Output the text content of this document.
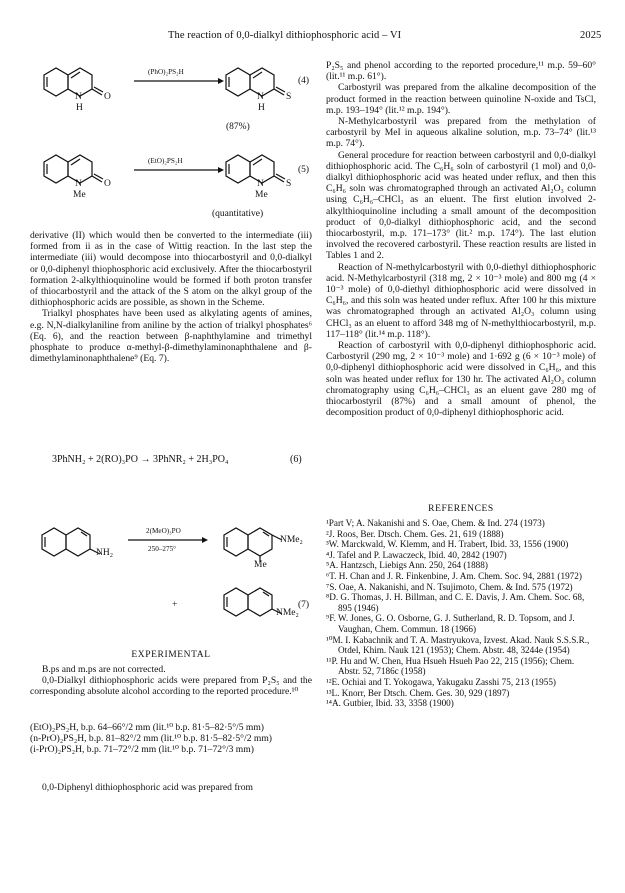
The reaction of 0,0-dialkyl dithiophosphoric acid – VI	2025
N
H
O
(PhO)₂PS₂H
N
H
S
(4)
(87%)
N
Me
O
(EtO)₂PS₂H
N
Me
S
(5)
(quantitative)

derivative (II) which would then be converted to the intermediate (iii) formed from ii as in the case of Wittig reaction. In the last step the intermediate (iii) would decompose into thiocarbostyril and 0,0-dialkyl or 0,0-diphenyl thiophosphoric acid exclusively. After the thiocarbostyril formation 2-alkylthioquinoline would be formed if both proton transfer of thiocarbostyril and the attack of the S atom on the alkyl group of the dithiophosphoric acids are possible, as shown in the Scheme.

Trialkyl phosphates have been used as alkylating agents of amines, e.g. N,N-dialkylaniline from aniline by the action of trialkyl phosphates⁶ (Eq. 6), and the reaction between β-naphthylamine and trimethyl phosphate to produce α-methyl-β-dimethylaminonaphthalene and β-dimethylaminonaphthalene⁹ (Eq. 7).

3PhNH₂ + 2(RO)₃PO → 3PhNR₂ + 2H₃PO₄	(6)
NH₂
2(MeO)₃PO
250–275°
NMe₂
Me
+
NMe₂
(7)
EXPERIMENTAL

B.ps and m.ps are not corrected.

0,0-Dialkyl dithiophosphoric acids were prepared from P₂S₅ and the corresponding absolute alcohol according to the reported procedure.¹⁰

(EtO)₂PS₂H, b.p. 64–66°/2 mm (lit.¹⁰ b.p. 81·5–82·5°/5 mm)

(n-PrO)₂PS₂H, b.p. 81–82°/2 mm (lit.¹⁰ b.p. 81·5–82·5°/2 mm)

(i-PrO)₂PS₂H, b.p. 71–72°/2 mm (lit.¹⁰ b.p. 71–72°/3 mm)

0,0-Diphenyl dithiophosphoric acid was prepared from

P₂S₅ and phenol according to the reported procedure,¹¹ m.p. 59–60° (lit.¹¹ m.p. 61°).

Carbostyril was prepared from the alkaline decomposition of the product formed in the reaction between quinoline N-oxide and TsCl, m.p. 193–194° (lit.¹² m.p. 194°).

N-Methylcarbostyril was prepared from the methylation of carbostyril by MeI in aqueous alkaline solution, m.p. 73–74° (lit.¹³ m.p. 74°).

General procedure for reaction between carbostyril and 0,0-dialkyl dithiophosphoric acid. The C₆H₆ soln of carbostyril (1 mol) and 0,0-dialkyl dithiophosphoric acid was heated under reflux, and then this C₆H₆ soln was chromatographed through an activated Al₂O₃ column using C₆H₆–CHCl₃ as an eluent. The first elution involved 2-alkylthioquinoline including a small amount of the decomposition product of 0,0-dialkyl dithiophosphoric acid, and the second thiocarbostyril, m.p. 171–173° (lit.² m.p. 174°). The last elution involved the recovered carbostyril. These reaction results are listed in Tables 1 and 2.

Reaction of N-methylcarbostyril with 0,0-diethyl dithiophosphoric acid. N-Methylcarbostyril (318 mg, 2 × 10⁻³ mole) and 800 mg (4 × 10⁻³ mole) of 0,0-diethyl dithiophosphoric acid were dissolved in C₆H₆, and this soln was heated under reflux. After 100 hr this mixture was chromatographed through an activated Al₂O₃ column using CHCl₃ as an eluent to afford 348 mg of N-methylthiocarbostyril, m.p. 117–118° (lit.¹⁴ m.p. 118°).

Reaction of carbostyril with 0,0-diphenyl dithiophosphoric acid. Carbostyril (290 mg, 2 × 10⁻³ mole) and 1·692 g (6 × 10⁻³ mole) of 0,0-diphenyl dithiophosphoric acid were dissolved in C₆H₆, and this soln was heated under reflux for 130 hr. The activated Al₂O₃ column chromatography using C₆H₆–CHCl₃ as an eluent gave 280 mg of thiocarbostyril (87%) and a small amount of phenol, the decomposition product of 0,0-diphenyl dithiophosphoric acid.

REFERENCES

¹Part V; A. Nakanishi and S. Oae, Chem. & Ind. 274 (1973)

²J. Roos, Ber. Dtsch. Chem. Ges. 21, 619 (1888)

³W. Marckwald, W. Klemm, and H. Trabert, Ibid. 33, 1556 (1900)

⁴J. Tafel and P. Lawaczeck, Ibid. 40, 2842 (1907)

⁵A. Hantzsch, Liebigs Ann. 250, 264 (1888)

⁶T. H. Chan and J. R. Finkenbine, J. Am. Chem. Soc. 94, 2881 (1972)

⁷S. Oae, A. Nakanishi, and N. Tsujimoto, Chem. & Ind. 575 (1972)

⁸D. G. Thomas, J. H. Billman, and C. E. Davis, J. Am. Chem. Soc. 68, 895 (1946)

⁹F. W. Jones, G. O. Osborne, G. J. Sutherland, R. D. Topsom, and J. Vaughan, Chem. Commun. 18 (1966)

¹⁰M. I. Kabachnik and T. A. Mastryukova, Izvest. Akad. Nauk S.S.S.R., Otdel, Khim. Nauk 121 (1953); Chem. Abstr. 48, 3244e (1954)

¹¹P. Hu and W. Chen, Hua Hsueh Hsueh Pao 22, 215 (1956); Chem. Abstr. 52, 7186c (1958)

¹²E. Ochiai and T. Yokogawa, Yakugaku Zasshi 75, 213 (1955)

¹³L. Knorr, Ber Dtsch. Chem. Ges. 30, 929 (1897)

¹⁴A. Gutbier, Ibid. 33, 3358 (1900)
